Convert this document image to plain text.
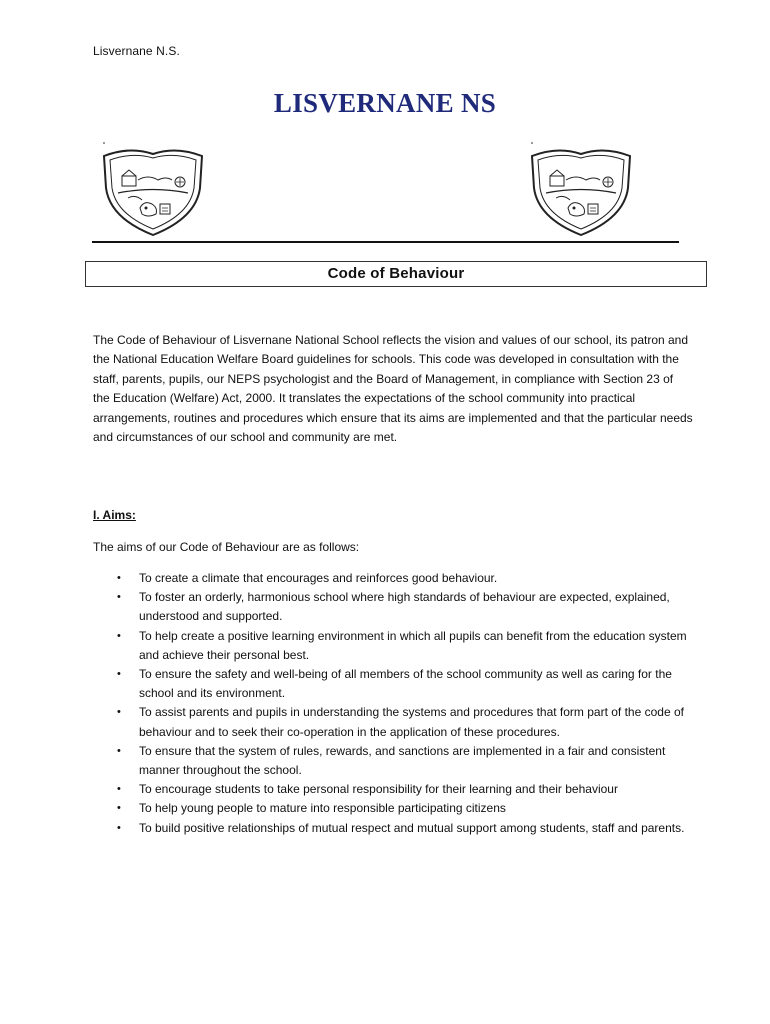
Lisvernane N.S.
LISVERNANE NS
Code of Behaviour

The Code of Behaviour of Lisvernane National School reflects the vision and values of our school, its patron and the National Education Welfare Board guidelines for schools. This code was developed in consultation with the staff, parents, pupils, our NEPS psychologist and the Board of Management, in compliance with Section 23 of the Education (Welfare) Act, 2000. It translates the expectations of the school community into practical arrangements, routines and procedures which ensure that its aims are implemented and that the particular needs and circumstances of our school and community are met.

I. Aims:

The aims of our Code of Behaviour are as follows:

• To create a climate that encourages and reinforces good behaviour.
• To foster an orderly, harmonious school where high standards of behaviour are expected, explained, understood and supported.
• To help create a positive learning environment in which all pupils can benefit from the education system and achieve their personal best.
• To ensure the safety and well-being of all members of the school community as well as caring for the school and its environment.
• To assist parents and pupils in understanding the systems and procedures that form part of the code of behaviour and to seek their co-operation in the application of these procedures.
• To ensure that the system of rules, rewards, and sanctions are implemented in a fair and consistent manner throughout the school.
• To encourage students to take personal responsibility for their learning and their behaviour
• To help young people to mature into responsible participating citizens
• To build positive relationships of mutual respect and mutual support among students, staff and parents.
